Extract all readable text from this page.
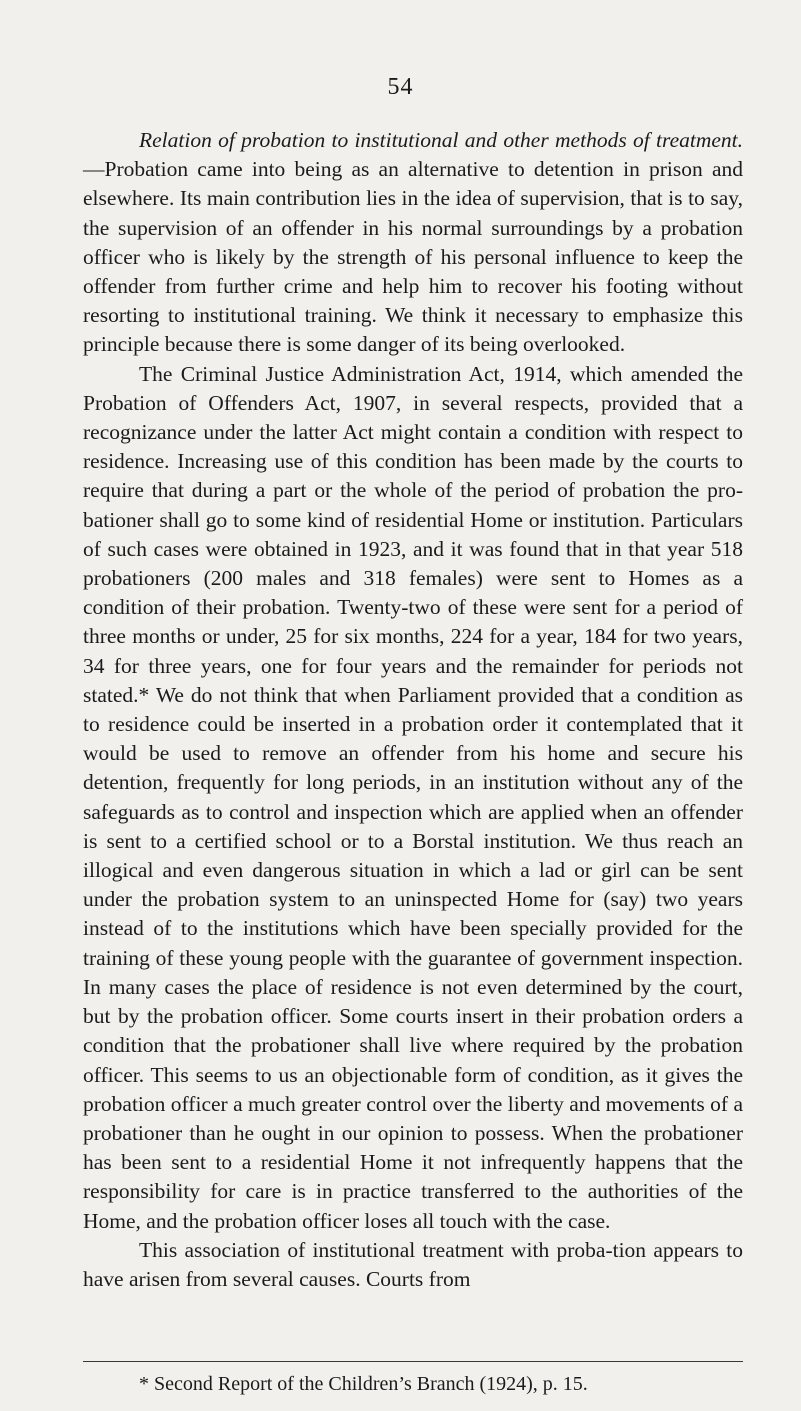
54

Relation of probation to institutional and other methods of treatment.—Probation came into being as an alternative to detention in prison and elsewhere. Its main contribution lies in the idea of supervision, that is to say, the supervision of an offender in his normal surroundings by a probation officer who is likely by the strength of his personal influence to keep the offender from further crime and help him to recover his footing without resorting to institutional training. We think it necessary to emphasize this principle because there is some danger of its being overlooked.

The Criminal Justice Administration Act, 1914, which amended the Probation of Offenders Act, 1907, in several respects, provided that a recognizance under the latter Act might contain a condition with respect to residence. Increasing use of this condition has been made by the courts to require that during a part or the whole of the period of probation the pro-bationer shall go to some kind of residential Home or institution. Particulars of such cases were obtained in 1923, and it was found that in that year 518 probationers (200 males and 318 females) were sent to Homes as a condition of their probation. Twenty-two of these were sent for a period of three months or under, 25 for six months, 224 for a year, 184 for two years, 34 for three years, one for four years and the remainder for periods not stated.* We do not think that when Parliament provided that a condition as to residence could be inserted in a probation order it contemplated that it would be used to remove an offender from his home and secure his detention, frequently for long periods, in an institution without any of the safeguards as to control and inspection which are applied when an offender is sent to a certified school or to a Borstal institution. We thus reach an illogical and even dangerous situation in which a lad or girl can be sent under the probation system to an uninspected Home for (say) two years instead of to the institutions which have been specially provided for the training of these young people with the guarantee of government inspection. In many cases the place of residence is not even determined by the court, but by the probation officer. Some courts insert in their probation orders a condition that the probationer shall live where required by the probation officer. This seems to us an objectionable form of condition, as it gives the probation officer a much greater control over the liberty and movements of a probationer than he ought in our opinion to possess. When the probationer has been sent to a residential Home it not infrequently happens that the responsibility for care is in practice transferred to the authorities of the Home, and the probation officer loses all touch with the case.

This association of institutional treatment with proba-tion appears to have arisen from several causes. Courts from

* Second Report of the Children’s Branch (1924), p. 15.
